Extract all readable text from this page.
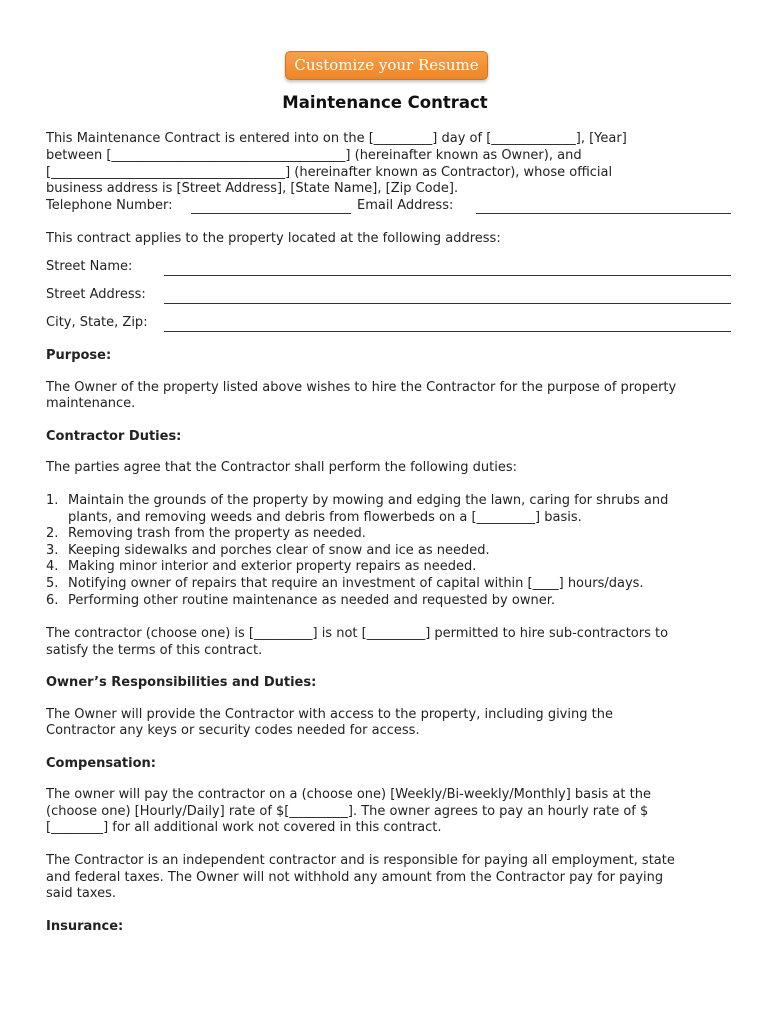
Customize your Resume
Maintenance Contract
This Maintenance Contract is entered into on the [_________] day of [_____________], [Year]
between [____________________________________] (hereinafter known as Owner), and
[____________________________________] (hereinafter known as Contractor), whose official
business address is [Street Address], [State Name], [Zip Code].
Telephone Number:	Email Address:
This contract applies to the property located at the following address:
Street Name:
Street Address:
City, State, Zip:
Purpose:
The Owner of the property listed above wishes to hire the Contractor for the purpose of property
maintenance.
Contractor Duties:
The parties agree that the Contractor shall perform the following duties:
1. Maintain the grounds of the property by mowing and edging the lawn, caring for shrubs and
plants, and removing weeds and debris from flowerbeds on a [_________] basis.
2. Removing trash from the property as needed.
3. Keeping sidewalks and porches clear of snow and ice as needed.
4. Making minor interior and exterior property repairs as needed.
5. Notifying owner of repairs that require an investment of capital within [____] hours/days.
6. Performing other routine maintenance as needed and requested by owner.
The contractor (choose one) is [_________] is not [_________] permitted to hire sub-contractors to
satisfy the terms of this contract.
Owner’s Responsibilities and Duties:
The Owner will provide the Contractor with access to the property, including giving the
Contractor any keys or security codes needed for access.
Compensation:
The owner will pay the contractor on a (choose one) [Weekly/Bi-weekly/Monthly] basis at the
(choose one) [Hourly/Daily] rate of $[_________]. The owner agrees to pay an hourly rate of $
[________] for all additional work not covered in this contract.
The Contractor is an independent contractor and is responsible for paying all employment, state
and federal taxes. The Owner will not withhold any amount from the Contractor pay for paying
said taxes.
Insurance:
